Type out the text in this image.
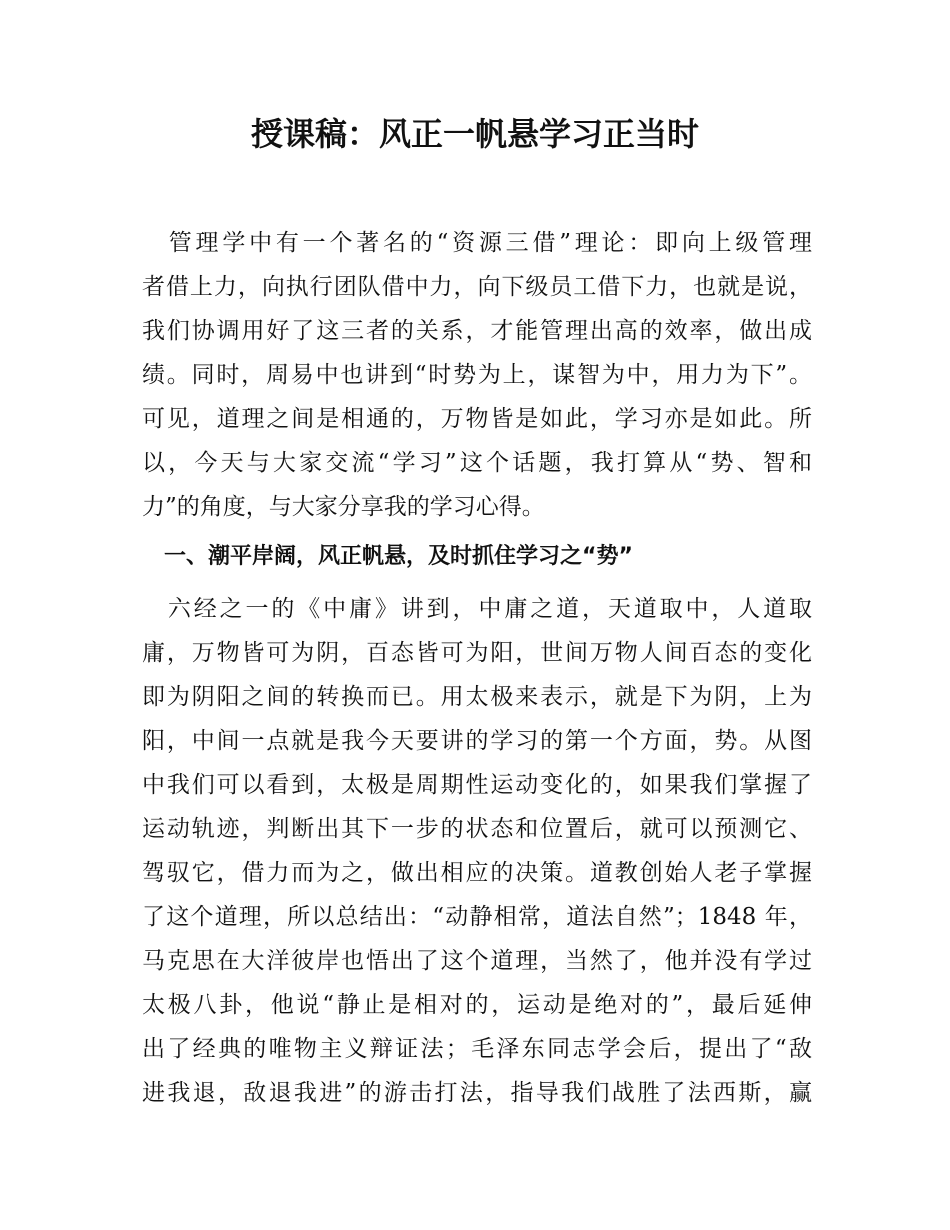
授课稿：风正一帆悬学习正当时
　管理学中有一个著名的“资源三借”理论：即向上级管理
者借上力，向执行团队借中力，向下级员工借下力，也就是说，
我们协调用好了这三者的关系，才能管理出高的效率，做出成
绩。同时，周易中也讲到“时势为上，谋智为中，用力为下”。
可见，道理之间是相通的，万物皆是如此，学习亦是如此。所
以，今天与大家交流“学习”这个话题，我打算从“势、智和
力”的角度，与大家分享我的学习心得。
　一、潮平岸阔，风正帆悬，及时抓住学习之“势”
　六经之一的《中庸》讲到，中庸之道，天道取中，人道取
庸，万物皆可为阴，百态皆可为阳，世间万物人间百态的变化
即为阴阳之间的转换而已。用太极来表示，就是下为阴，上为
阳，中间一点就是我今天要讲的学习的第一个方面，势。从图
中我们可以看到，太极是周期性运动变化的，如果我们掌握了
运动轨迹，判断出其下一步的状态和位置后，就可以预测它、
驾驭它，借力而为之，做出相应的决策。道教创始人老子掌握
了这个道理，所以总结出：“动静相常，道法自然”；1848 年，
马克思在大洋彼岸也悟出了这个道理，当然了，他并没有学过
太极八卦，他说“静止是相对的，运动是绝对的”，最后延伸
出了经典的唯物主义辩证法；毛泽东同志学会后，提出了“敌
进我退，敌退我进”的游击打法，指导我们战胜了法西斯，赢
